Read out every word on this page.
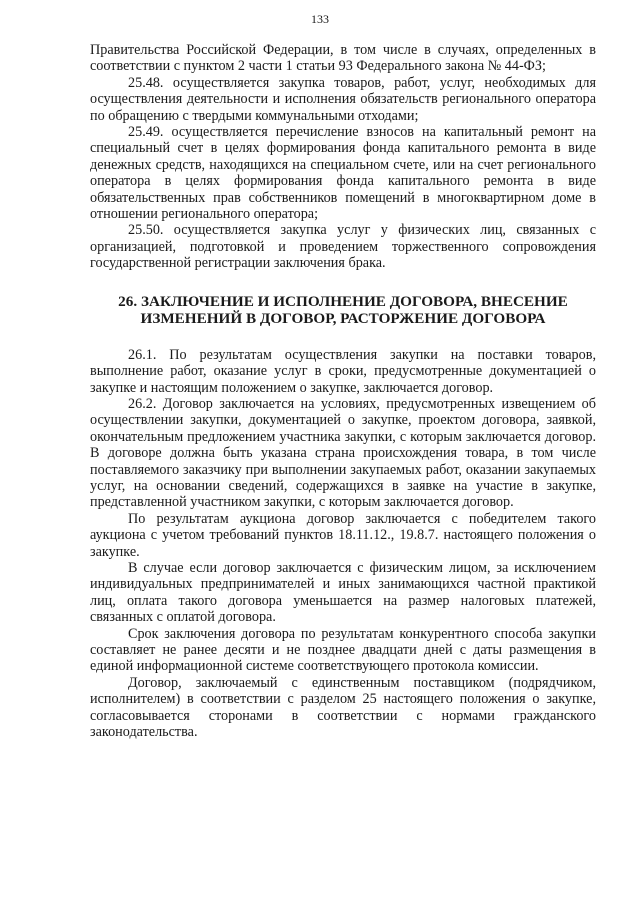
133

Правительства Российской Федерации, в том числе в случаях, определенных в соответствии с пунктом 2 части 1 статьи 93 Федерального закона № 44-ФЗ;

25.48. осуществляется закупка товаров, работ, услуг, необходимых для осуществления деятельности и исполнения обязательств регионального оператора по обращению с твердыми коммунальными отходами;

25.49. осуществляется перечисление взносов на капитальный ремонт на специальный счет в целях формирования фонда капитального ремонта в виде денежных средств, находящихся на специальном счете, или на счет регионального оператора в целях формирования фонда капитального ремонта в виде обязательственных прав собственников помещений в многоквартирном доме в отношении регионального оператора;

25.50. осуществляется закупка услуг у физических лиц, связанных с организацией, подготовкой и проведением торжественного сопровождения государственной регистрации заключения брака.

26. ЗАКЛЮЧЕНИЕ И ИСПОЛНЕНИЕ ДОГОВОРА, ВНЕСЕНИЕ ИЗМЕНЕНИЙ В ДОГОВОР, РАСТОРЖЕНИЕ ДОГОВОРА

26.1. По результатам осуществления закупки на поставки товаров, выполнение работ, оказание услуг в сроки, предусмотренные документацией о закупке и настоящим положением о закупке, заключается договор.

26.2. Договор заключается на условиях, предусмотренных извещением об осуществлении закупки, документацией о закупке, проектом договора, заявкой, окончательным предложением участника закупки, с которым заключается договор. В договоре должна быть указана страна происхождения товара, в том числе поставляемого заказчику при выполнении закупаемых работ, оказании закупаемых услуг, на основании сведений, содержащихся в заявке на участие в закупке, представленной участником закупки, с которым заключается договор.

По результатам аукциона договор заключается с победителем такого аукциона с учетом требований пунктов 18.11.12., 19.8.7. настоящего положения о закупке.

В случае если договор заключается с физическим лицом, за исключением индивидуальных предпринимателей и иных занимающихся частной практикой лиц, оплата такого договора уменьшается на размер налоговых платежей, связанных с оплатой договора.

Срок заключения договора по результатам конкурентного способа закупки составляет не ранее десяти и не позднее двадцати дней с даты размещения в единой информационной системе соответствующего протокола комиссии.

Договор, заключаемый с единственным поставщиком (подрядчиком, исполнителем) в соответствии с разделом 25 настоящего положения о закупке, согласовывается сторонами в соответствии с нормами гражданского законодательства.
